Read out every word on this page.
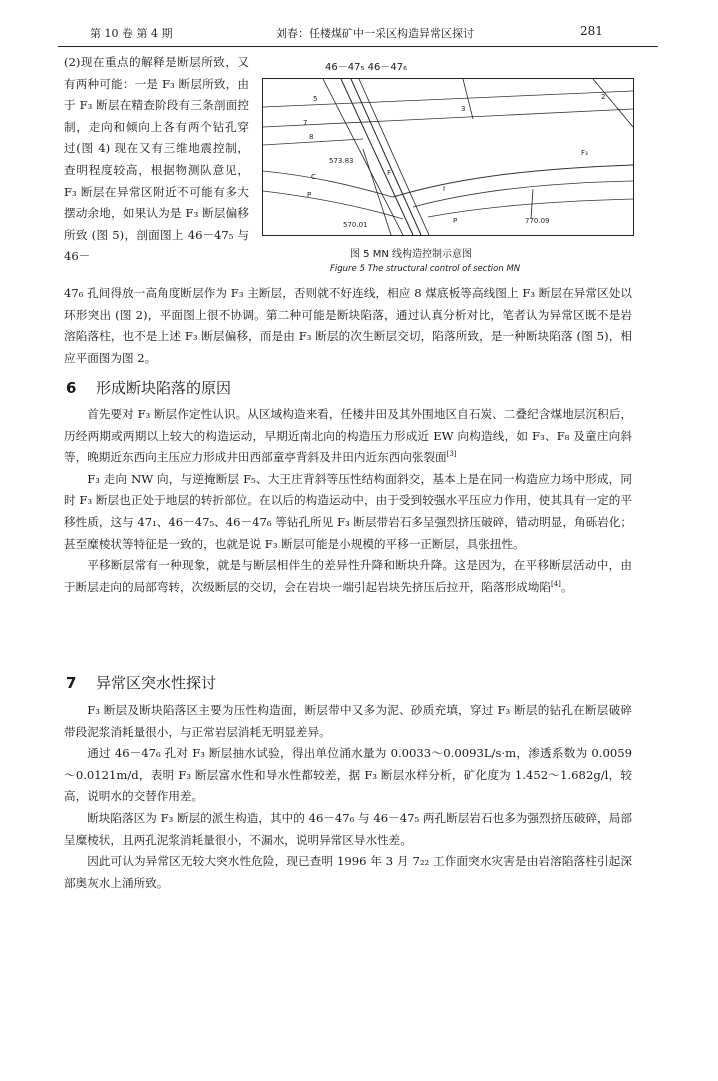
第 10 卷 第 4 期	刘春：任楼煤矿中一采区构造异常区探讨	281
(2)现在重点的解释是断层所致，又有两种可能：一是 F₃ 断层所致，由于 F₃ 断层在精查阶段有三条剖面控制，走向和倾向上各有两个钻孔穿过(图 4) 现在又有三维地震控制，查明程度较高，根据物测队意见，F₃ 断层在异常区附近不可能有多大摆动余地，如果认为是 F₃ 断层偏移所致 (图 5)，剖面图上 46－47₅ 与 46－
46－47₅ 46－47₆
5
7
8
573.83
C
P
F
I
P
570.01	770.09
F₃
2
3
图 5 MN 线构造控制示意图
Figure 5 The structural control of section MN
47₆ 孔间得放一高角度断层作为 F₃ 主断层，否则就不好连线，相应 8 煤底板等高线图上 F₃ 断层在异常区处以环形突出 (图 2)，平面图上很不协调。第二种可能是断块陷落，通过认真分析对比，笔者认为异常区既不是岩溶陷落柱，也不是上述 F₃ 断层偏移，而是由 F₃ 断层的次生断层交切，陷落所致，是一种断块陷落 (图 5)，相应平面图为图 2。
6 形成断块陷落的原因

首先要对 F₃ 断层作定性认识。从区域构造来看，任楼井田及其外围地区自石炭、二叠纪含煤地层沉积后，历经两期或两期以上较大的构造运动，早期近南北向的构造压力形成近 EW 向构造线，如 F₃、F₈ 及童庄向斜等，晚期近东西向主压应力形成井田西部童亭背斜及井田内近东西向张裂面[3]

F₃ 走向 NW 向，与逆掩断层 F₅、大王庄背斜等压性结构面斜交，基本上是在同一构造应力场中形成，同时 F₃ 断层也正处于地层的转折部位。在以后的构造运动中，由于受到较强水平压应力作用，使其具有一定的平移性质，这与 47₁、46－47₅、46－47₆ 等钻孔所见 F₃ 断层带岩石多呈强烈挤压破碎，错动明显，角砾岩化；甚至糜棱状等特征是一致的，也就是说 F₃ 断层可能是小规模的平移一正断层，具张扭性。

平移断层常有一种现象，就是与断层相伴生的差异性升降和断块升降。这是因为，在平移断层活动中，由于断层走向的局部弯转，次级断层的交切，会在岩块一端引起岩块先挤压后拉开，陷落形成坳陷[4]。

7 异常区突水性探讨

F₃ 断层及断块陷落区主要为压性构造面，断层带中又多为泥、砂质充填，穿过 F₃ 断层的钻孔在断层破碎带段泥浆消耗量很小，与正常岩层消耗无明显差异。

通过 46－47₆ 孔对 F₃ 断层抽水试验，得出单位涌水量为 0.0033～0.0093L/s·m，渗透系数为 0.0059～0.0121m/d，表明 F₃ 断层富水性和导水性都较差，据 F₃ 断层水样分析，矿化度为 1.452～1.682g/l，较高，说明水的交替作用差。

断块陷落区为 F₃ 断层的派生构造，其中的 46－47₆ 与 46－47₅ 两孔断层岩石也多为强烈挤压破碎，局部呈糜棱状，且两孔泥浆消耗量很小，不漏水，说明异常区导水性差。

因此可认为异常区无较大突水性危险，现已查明 1996 年 3 月 7₂₂ 工作面突水灾害是由岩溶陷落柱引起深部奥灰水上涌所致。
